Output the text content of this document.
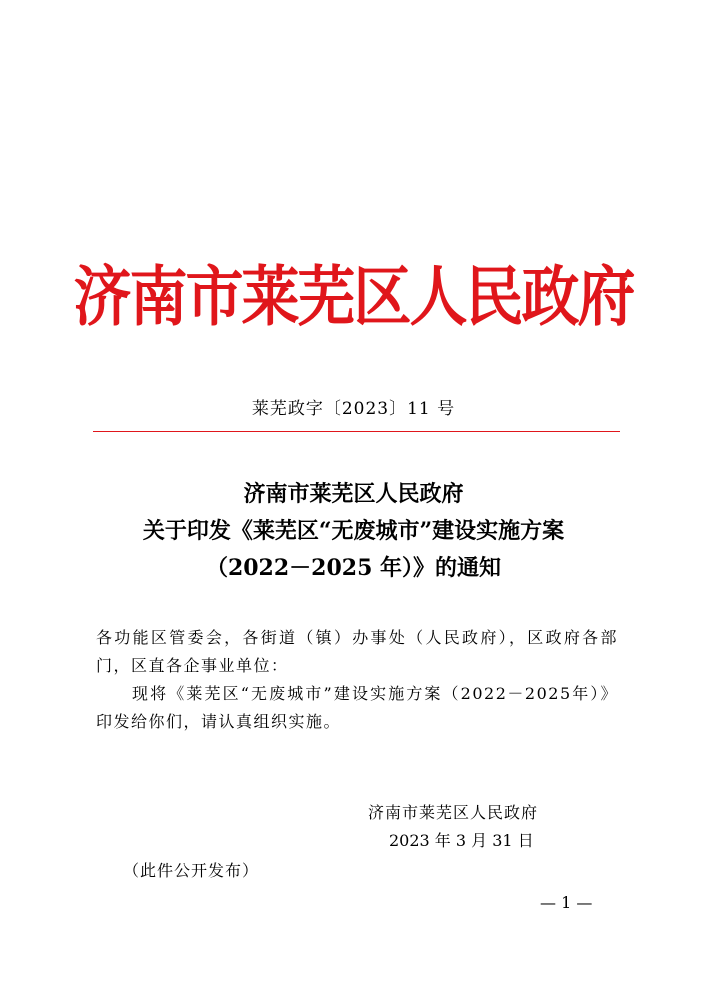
济南市莱芜区人民政府
莱芜政字〔2023〕11 号
济南市莱芜区人民政府
关于印发《莱芜区“无废城市”建设实施方案
（2022－2025 年）》的通知

各功能区管委会，各街道（镇）办事处（人民政府），区政府各部门，区直各企事业单位：

现将《莱芜区“无废城市”建设实施方案（2022－2025年）》印发给你们，请认真组织实施。

济南市莱芜区人民政府
2023 年 3 月 31 日
（此件公开发布）
— 1 —
